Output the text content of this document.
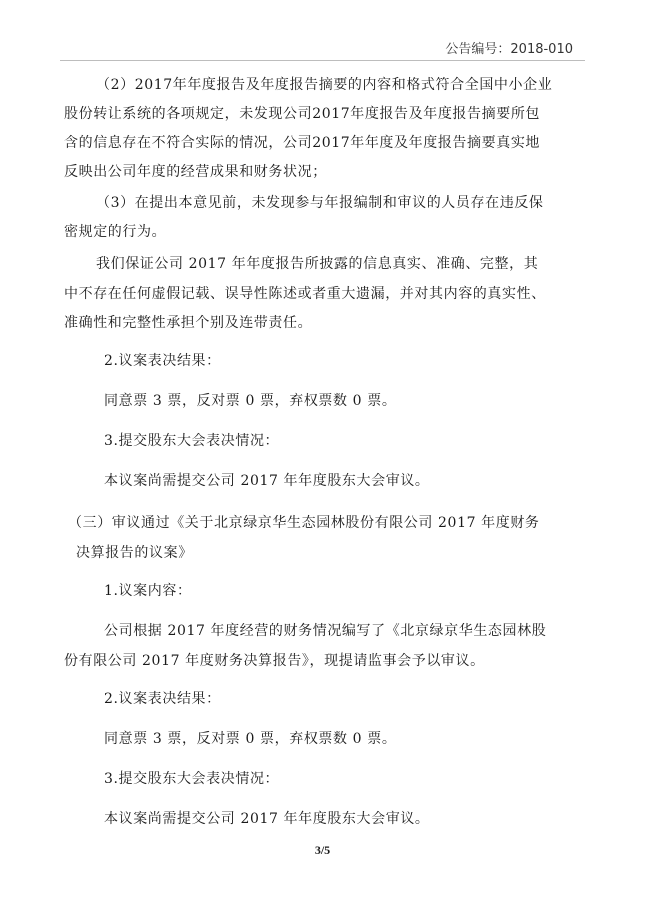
公告编号：2018-010
（2）2017年年度报告及年度报告摘要的内容和格式符合全国中小企业
股份转让系统的各项规定，未发现公司2017年度报告及年度报告摘要所包
含的信息存在不符合实际的情况，公司2017年年度及年度报告摘要真实地
反映出公司年度的经营成果和财务状况；
（3）在提出本意见前，未发现参与年报编制和审议的人员存在违反保
密规定的行为。
我们保证公司 2017 年年度报告所披露的信息真实、准确、完整，其
中不存在任何虚假记载、误导性陈述或者重大遗漏，并对其内容的真实性、
准确性和完整性承担个别及连带责任。
2.议案表决结果：
同意票 3 票，反对票 0 票，弃权票数 0 票。
3.提交股东大会表决情况：
本议案尚需提交公司 2017 年年度股东大会审议。
（三）审议通过《关于北京绿京华生态园林股份有限公司 2017 年度财务
决算报告的议案》
1.议案内容：
公司根据 2017 年度经营的财务情况编写了《北京绿京华生态园林股
份有限公司 2017 年度财务决算报告》，现提请监事会予以审议。
2.议案表决结果：
同意票 3 票，反对票 0 票，弃权票数 0 票。
3.提交股东大会表决情况：
本议案尚需提交公司 2017 年年度股东大会审议。
3/5
